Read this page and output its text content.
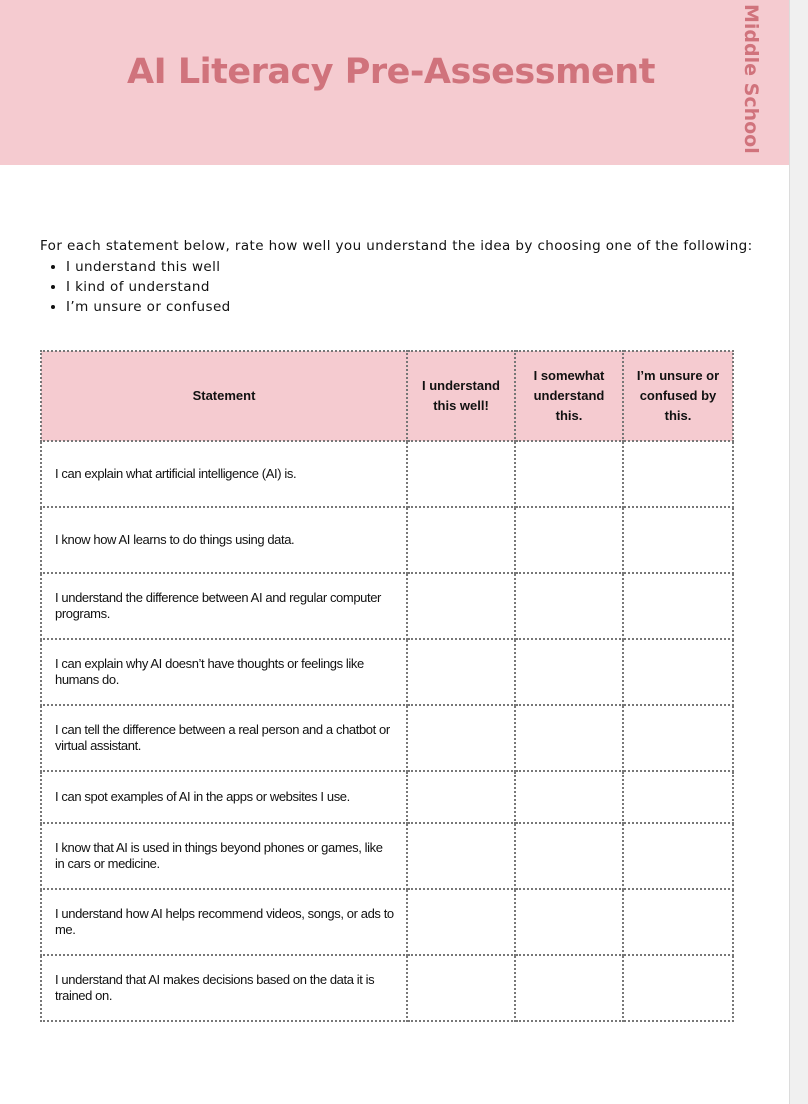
AI Literacy Pre-Assessment	Middle School

For each statement below, rate how well you understand the idea by choosing one of the following:

• I understand this well
• I kind of understand
• I’m unsure or confused
Statement	I understand this well!	I somewhat understand this.	I’m unsure or confused by this.
I can explain what artificial intelligence (AI) is.			
I know how AI learns to do things using data.			
I understand the difference between AI and regular computer programs.			
I can explain why AI doesn’t have thoughts or feelings like humans do.			
I can tell the difference between a real person and a chatbot or virtual assistant.			
I can spot examples of AI in the apps or websites I use.			
I know that AI is used in things beyond phones or games, like in cars or medicine.			
I understand how AI helps recommend videos, songs, or ads to me.			
I understand that AI makes decisions based on the data it is trained on.			
